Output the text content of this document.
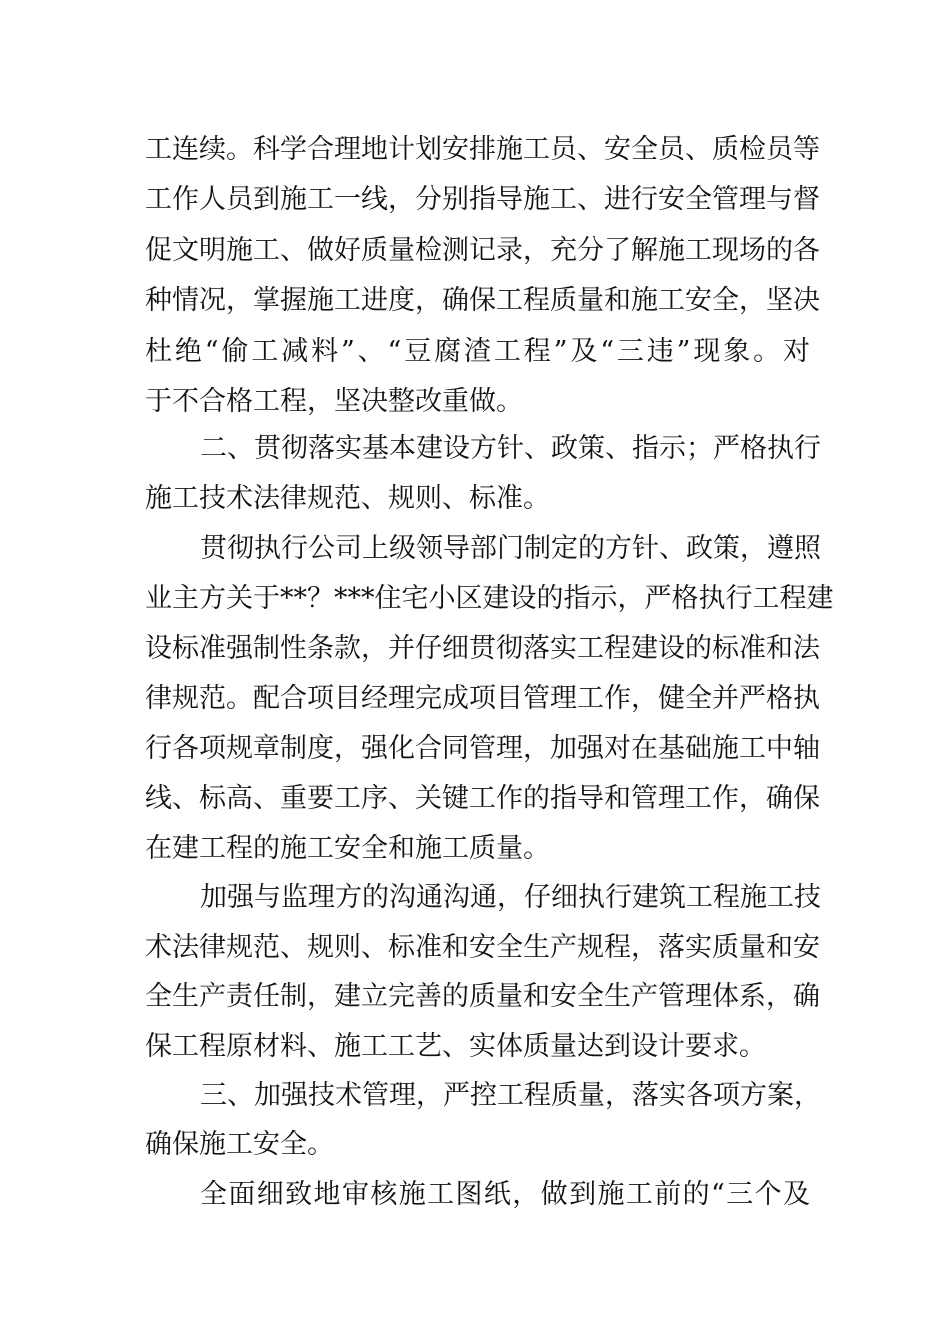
工连续。科学合理地计划安排施工员、安全员、质检员等
工作人员到施工一线，分别指导施工、进行安全管理与督
促文明施工、做好质量检测记录，充分了解施工现场的各
种情况，掌握施工进度，确保工程质量和施工安全，坚决
杜绝“偷工减料”、“豆腐渣工程”及“三违”现象。对
于不合格工程，坚决整改重做。
二、贯彻落实基本建设方针、政策、指示；严格执行
施工技术法律规范、规则、标准。
贯彻执行公司上级领导部门制定的方针、政策，遵照
业主方关于**？***住宅小区建设的指示，严格执行工程建
设标准强制性条款，并仔细贯彻落实工程建设的标准和法
律规范。配合项目经理完成项目管理工作，健全并严格执
行各项规章制度，强化合同管理，加强对在基础施工中轴
线、标高、重要工序、关键工作的指导和管理工作，确保
在建工程的施工安全和施工质量。
加强与监理方的沟通沟通，仔细执行建筑工程施工技
术法律规范、规则、标准和安全生产规程，落实质量和安
全生产责任制，建立完善的质量和安全生产管理体系，确
保工程原材料、施工工艺、实体质量达到设计要求。
三、加强技术管理，严控工程质量，落实各项方案，
确保施工安全。
全面细致地审核施工图纸，做到施工前的“三个及
